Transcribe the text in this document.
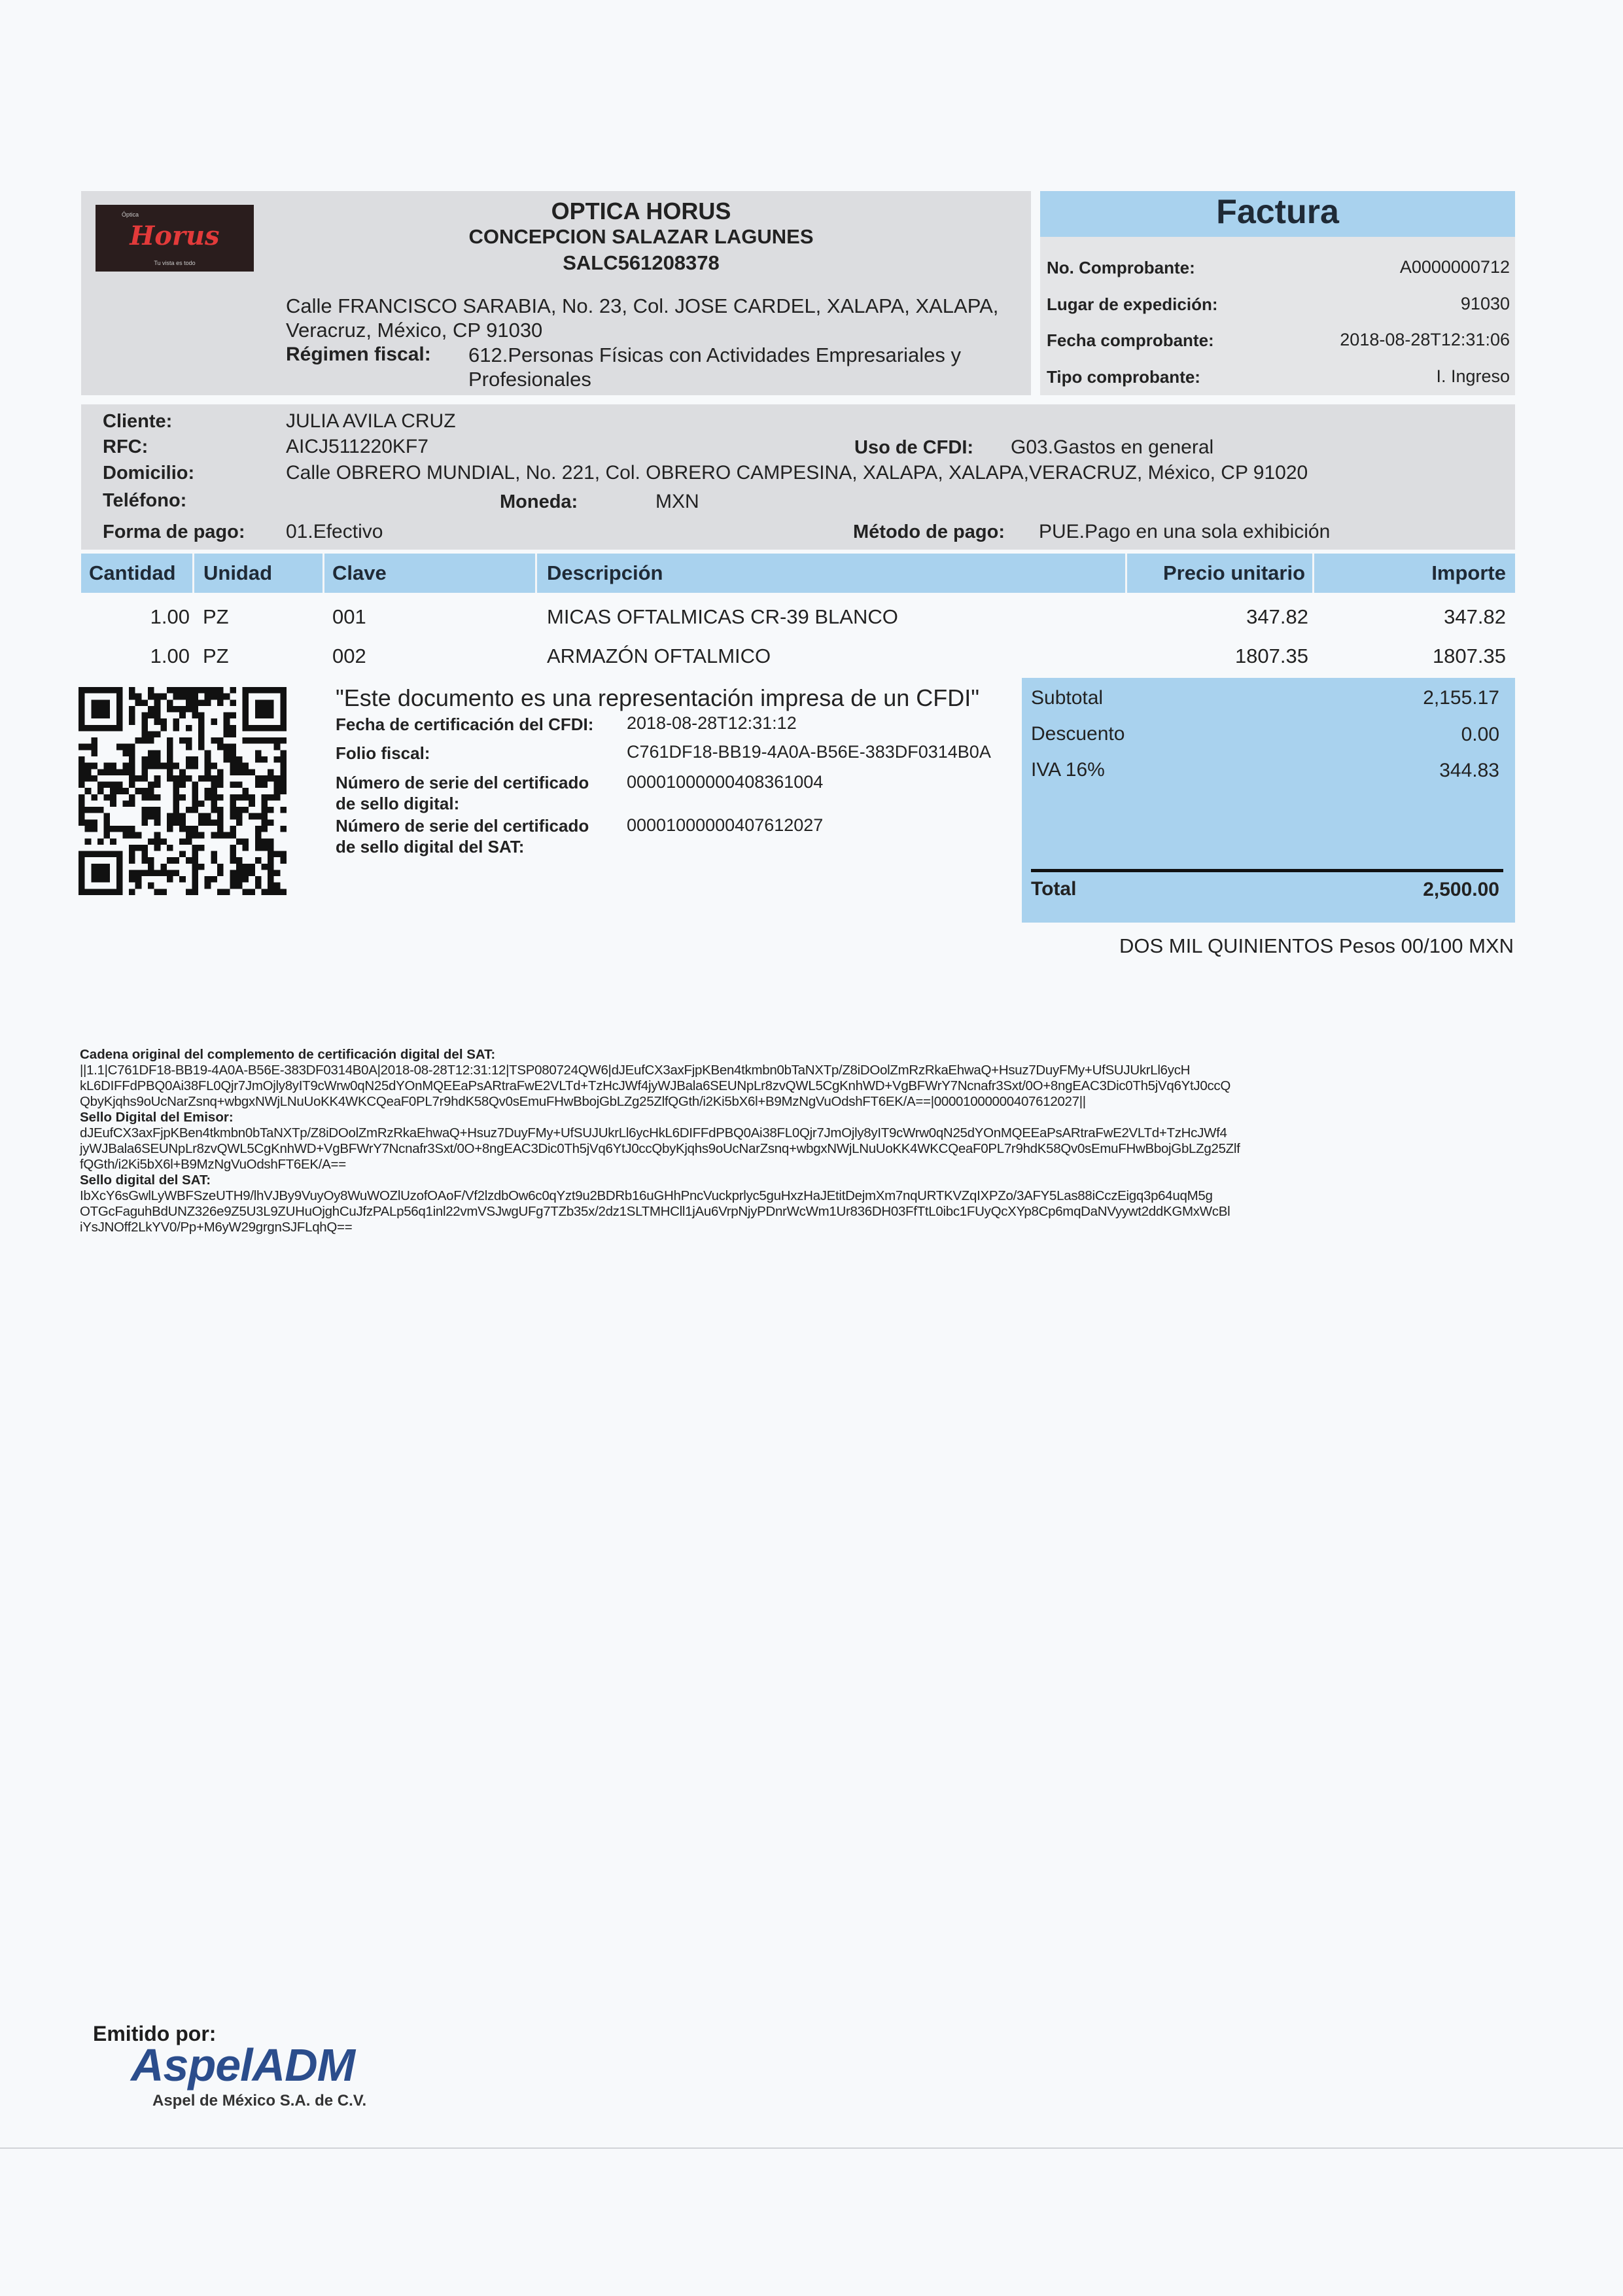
Óptica
Horus
Tu vista es todo
OPTICA HORUS
CONCEPCION SALAZAR LAGUNES
SALC561208378
Calle FRANCISCO SARABIA, No. 23, Col. JOSE CARDEL, XALAPA, XALAPA,
Veracruz, México, CP 91030
Régimen fiscal: 612.Personas Físicas con Actividades Empresariales y
Profesionales
Factura
No. Comprobante:	A0000000712
Lugar de expedición:	91030
Fecha comprobante:	2018-08-28T12:31:06
Tipo comprobante:	I. Ingreso
Cliente:	JULIA AVILA CRUZ
RFC:	AICJ511220KF7	Uso de CFDI: G03.Gastos en general
Domicilio:	Calle OBRERO MUNDIAL, No. 221, Col. OBRERO CAMPESINA, XALAPA, XALAPA,VERACRUZ, México, CP 91020
Teléfono:	Moneda:	MXN
Forma de pago: 01.Efectivo	Método de pago: PUE.Pago en una sola exhibición
Cantidad Unidad	Clave	Descripción	Precio unitario	Importe
1.00 PZ	001	MICAS OFTALMICAS CR-39 BLANCO	347.82	347.82
1.00 PZ	002	ARMAZÓN OFTALMICO	1807.35	1807.35
"Este documento es una representación impresa de un CFDI"
Fecha de certificación del CFDI: 2018-08-28T12:31:12
Folio fiscal:	C761DF18-BB19-4A0A-B56E-383DF0314B0A
Número de serie del certificado
de sello digital:
00001000000408361004
Número de serie del certificado
de sello digital del SAT:
00001000000407612027
Subtotal	2,155.17
Descuento	0.00
IVA 16%	344.83
Total	2,500.00
DOS MIL QUINIENTOS Pesos 00/100 MXN
Cadena original del complemento de certificación digital del SAT:
||1.1|C761DF18-BB19-4A0A-B56E-383DF0314B0A|2018-08-28T12:31:12|TSP080724QW6|dJEufCX3axFjpKBen4tkmbn0bTaNXTp/Z8iDOolZmRzRkaEhwaQ+Hsuz7DuyFMy+UfSUJUkrLl6ycH
kL6DIFFdPBQ0Ai38FL0Qjr7JmOjly8yIT9cWrw0qN25dYOnMQEEaPsARtraFwE2VLTd+TzHcJWf4jyWJBala6SEUNpLr8zvQWL5CgKnhWD+VgBFWrY7Ncnafr3Sxt/0O+8ngEAC3Dic0Th5jVq6YtJ0ccQ
QbyKjqhs9oUcNarZsnq+wbgxNWjLNuUoKK4WKCQeaF0PL7r9hdK58Qv0sEmuFHwBbojGbLZg25ZlfQGth/i2Ki5bX6l+B9MzNgVuOdshFT6EK/A==|00001000000407612027||
Sello Digital del Emisor:
dJEufCX3axFjpKBen4tkmbn0bTaNXTp/Z8iDOolZmRzRkaEhwaQ+Hsuz7DuyFMy+UfSUJUkrLl6ycHkL6DIFFdPBQ0Ai38FL0Qjr7JmOjly8yIT9cWrw0qN25dYOnMQEEaPsARtraFwE2VLTd+TzHcJWf4
jyWJBala6SEUNpLr8zvQWL5CgKnhWD+VgBFWrY7Ncnafr3Sxt/0O+8ngEAC3Dic0Th5jVq6YtJ0ccQbyKjqhs9oUcNarZsnq+wbgxNWjLNuUoKK4WKCQeaF0PL7r9hdK58Qv0sEmuFHwBbojGbLZg25Zlf
fQGth/i2Ki5bX6l+B9MzNgVuOdshFT6EK/A==
Sello digital del SAT:
IbXcY6sGwlLyWBFSzeUTH9/lhVJBy9VuyOy8WuWOZlUzofOAoF/Vf2lzdbOw6c0qYzt9u2BDRb16uGHhPncVuckprlyc5guHxzHaJEtitDejmXm7nqURTKVZqIXPZo/3AFY5Las88iCczEigq3p64uqM5g
OTGcFaguhBdUNZ326e9Z5U3L9ZUHuOjghCuJfzPALp56q1inl22vmVSJwgUFg7TZb35x/2dz1SLTMHCll1jAu6VrpNjyPDnrWcWm1Ur836DH03FfTtL0ibc1FUyQcXYp8Cp6mqDaNVyywt2ddKGMxWcBl
iYsJNOff2LkYV0/Pp+M6yW29grgnSJFLqhQ==
Emitido por:
AspelADM
Aspel de México S.A. de C.V.
